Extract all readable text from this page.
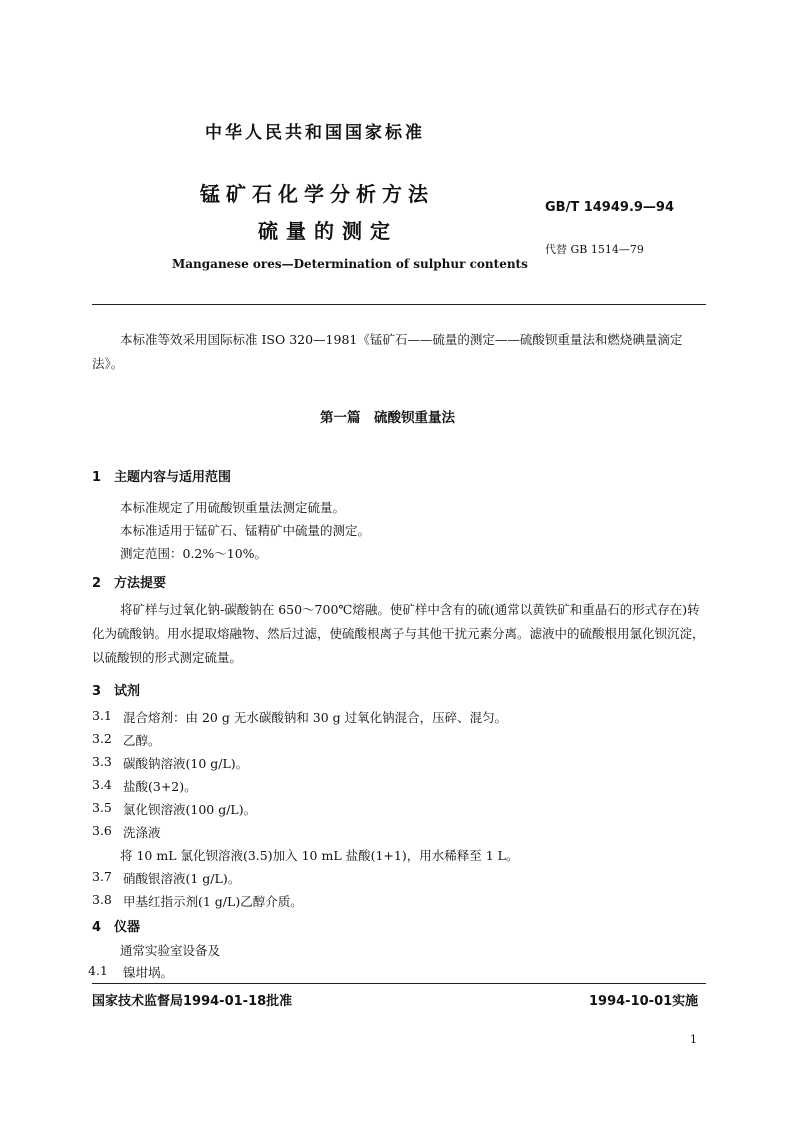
中华人民共和国国家标准
锰矿石化学分析方法
硫量的测定
Manganese ores—Determination of sulphur contents
GB/T 14949.9—94
代替 GB 1514—79
本标准等效采用国际标准 ISO 320—1981《锰矿石——硫量的测定——硫酸钡重量法和燃烧碘量滴定法》。
第一篇　硫酸钡重量法
1　主题内容与适用范围
本标准规定了用硫酸钡重量法测定硫量。
本标准适用于锰矿石、锰精矿中硫量的测定。
测定范围：0.2%～10%。
2　方法提要
将矿样与过氧化钠-碳酸钠在 650～700℃熔融。使矿样中含有的硫(通常以黄铁矿和重晶石的形式存在)转化为硫酸钠。用水提取熔融物、然后过滤，使硫酸根离子与其他干扰元素分离。滤液中的硫酸根用氯化钡沉淀，以硫酸钡的形式测定硫量。
3　试剂
3.1 混合熔剂：由 20 g 无水碳酸钠和 30 g 过氧化钠混合，压碎、混匀。
3.2 乙醇。
3.3 碳酸钠溶液(10 g/L)。
3.4 盐酸(3+2)。
3.5 氯化钡溶液(100 g/L)。
3.6 洗涤液
将 10 mL 氯化钡溶液(3.5)加入 10 mL 盐酸(1+1)，用水稀释至 1 L。
3.7 硝酸银溶液(1 g/L)。
3.8 甲基红指示剂(1 g/L)乙醇介质。
4　仪器
通常实验室设备及
4.1 镍坩埚。
国家技术监督局1994-01-18批准	1994-10-01实施
1
